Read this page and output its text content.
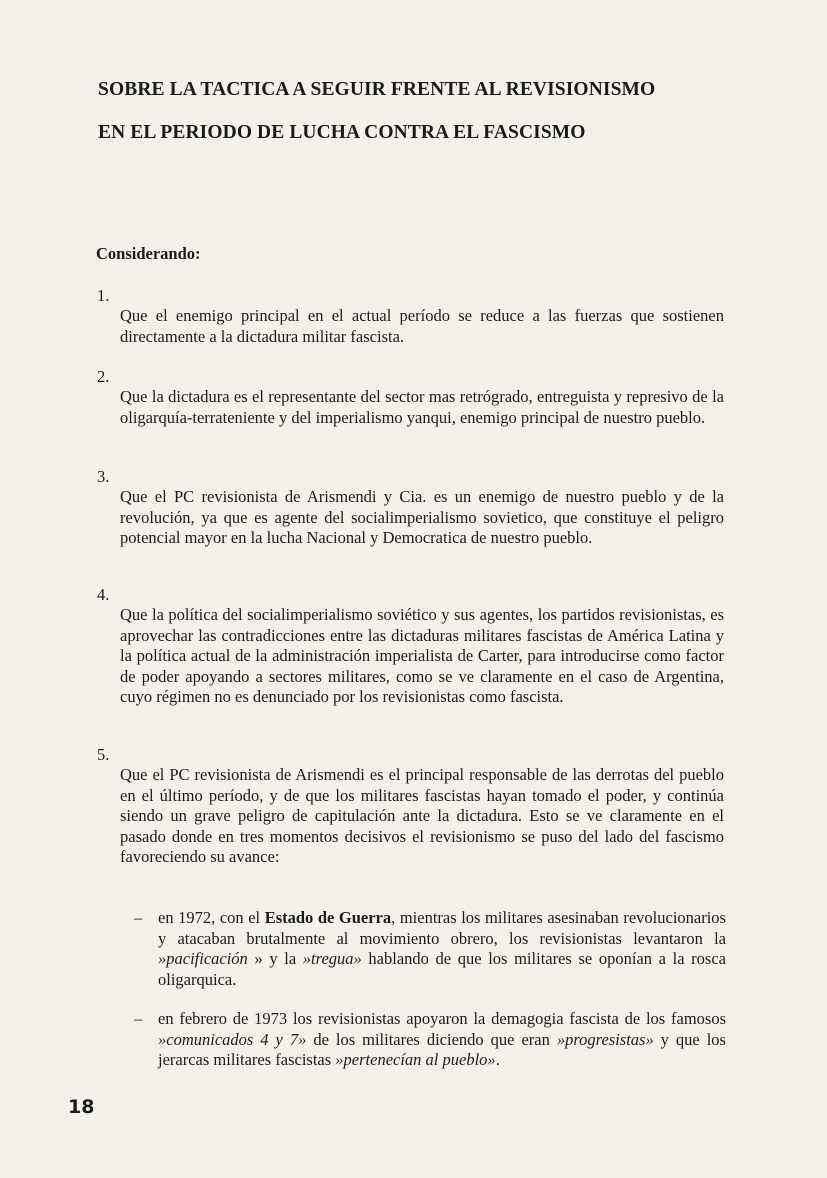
SOBRE LA TACTICA A SEGUIR FRENTE AL REVISIONISMO
EN EL PERIODO DE LUCHA CONTRA EL FASCISMO
Considerando:
1.
Que el enemigo principal en el actual período se reduce a las fuerzas que sostienen directamente a la dictadura militar fascista.
2.
Que la dictadura es el representante del sector mas retrógrado, entreguista y represivo de la oligarquía-terrateniente y del imperialismo yanqui, enemigo principal de nuestro pueblo.
3.
Que el PC revisionista de Arismendi y Cia. es un enemigo de nuestro pueblo y de la revolución, ya que es agente del socialimperialismo sovietico, que constituye el peligro potencial mayor en la lucha Nacional y Democratica de nuestro pueblo.
4.
Que la política del socialimperialismo soviético y sus agentes, los partidos revisionistas, es aprovechar las contradicciones entre las dictaduras militares fascistas de América Latina y la política actual de la administración imperialista de Carter, para introducirse como factor de poder apoyando a sectores militares, como se ve claramente en el caso de Argentina, cuyo régimen no es denunciado por los revisionistas como fascista.
5.
Que el PC revisionista de Arismendi es el principal responsable de las derrotas del pueblo en el último período, y de que los militares fascistas hayan tomado el poder, y continúa siendo un grave peligro de capitulación ante la dictadura. Esto se ve claramente en el pasado donde en tres momentos decisivos el revisionismo se puso del lado del fascismo favoreciendo su avance:
– en 1972, con el Estado de Guerra, mientras los militares asesinaban revolucionarios y atacaban brutalmente al movimiento obrero, los revisionistas levantaron la »pacificación » y la »tregua» hablando de que los militares se oponían a la rosca oligarquica.
– en febrero de 1973 los revisionistas apoyaron la demagogia fascista de los famosos »comunicados 4 y 7» de los militares diciendo que eran »progresistas» y que los jerarcas militares fascistas »pertenecían al pueblo».
18
